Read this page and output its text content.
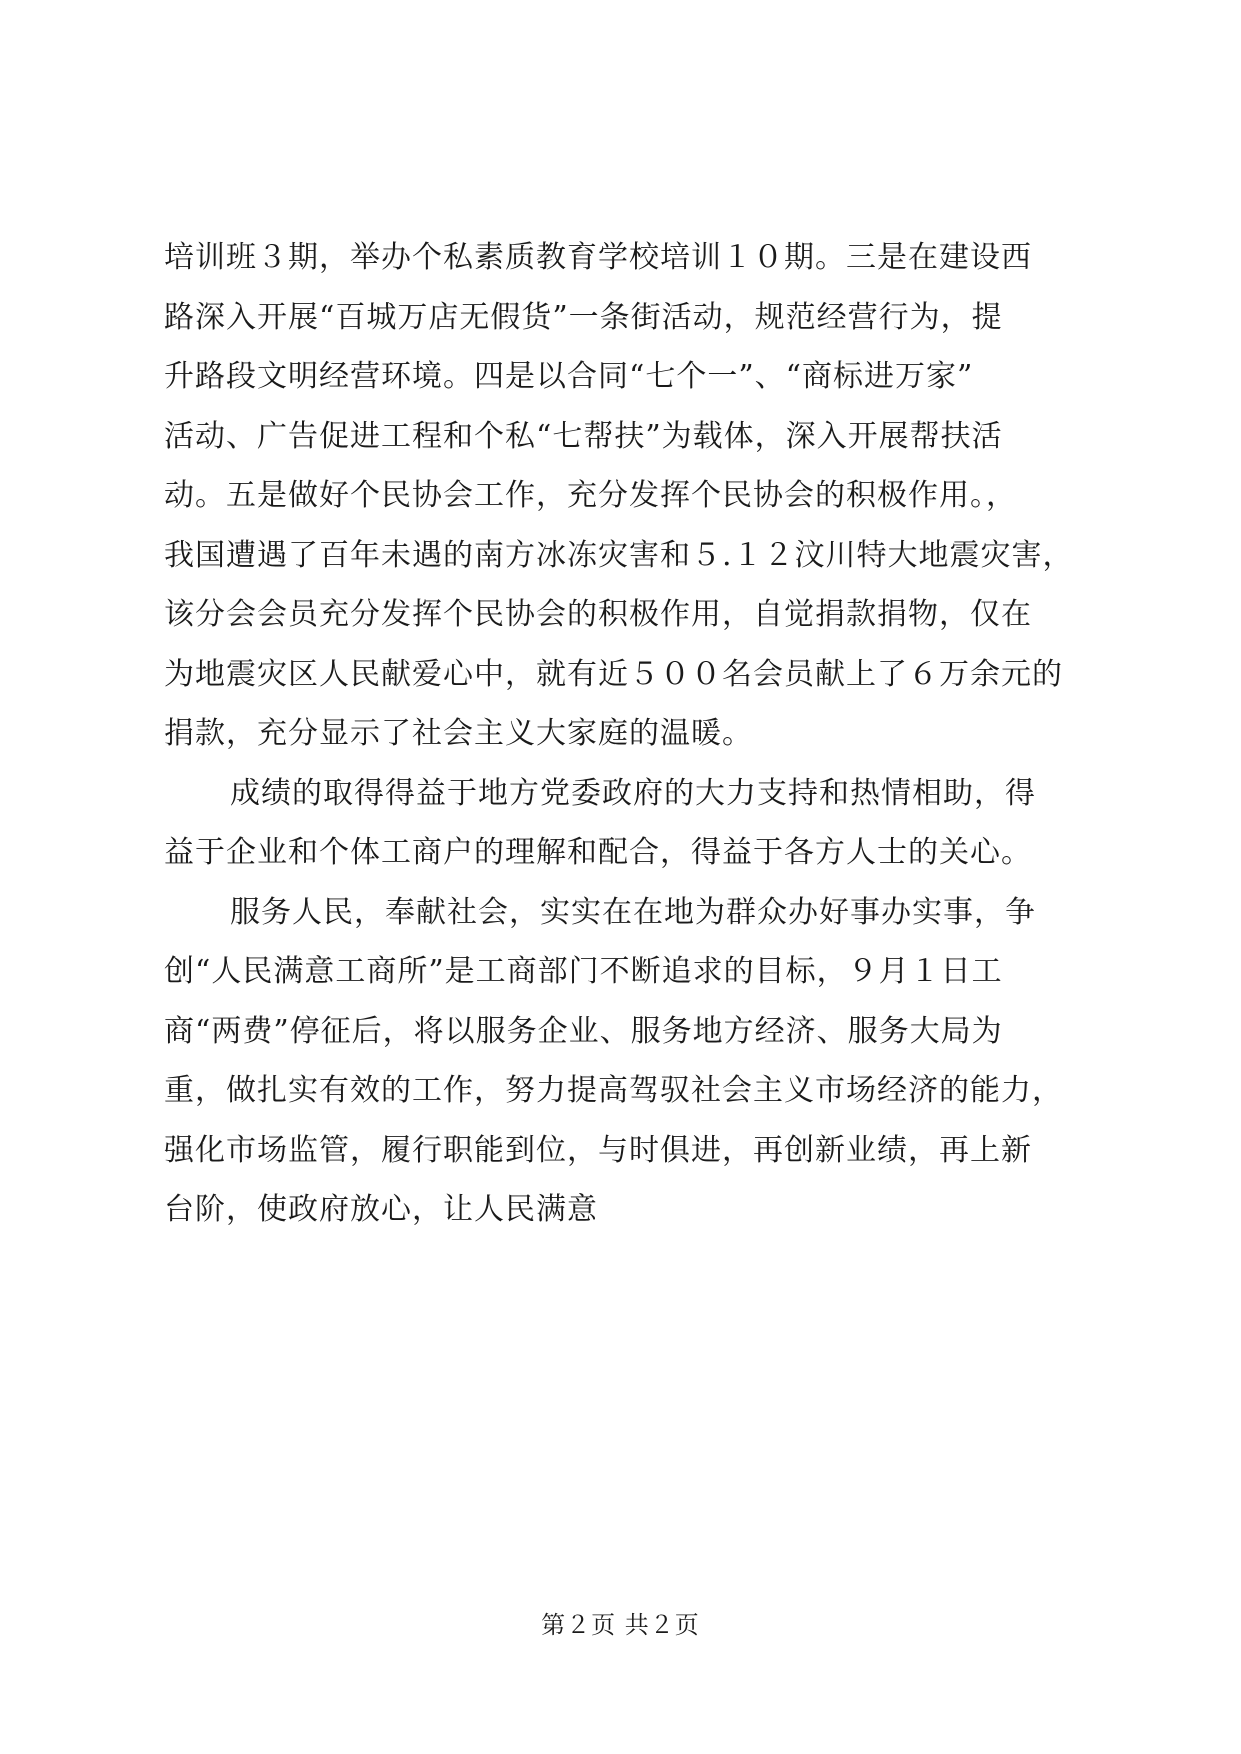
培训班３期，举办个私素质教育学校培训１０期。三是在建设西
路深入开展“百城万店无假货”一条街活动，规范经营行为，提
升路段文明经营环境。四是以合同“七个一”、“商标进万家”
活动、广告促进工程和个私“七帮扶”为载体，深入开展帮扶活
动。五是做好个民协会工作，充分发挥个民协会的积极作用。，
我国遭遇了百年未遇的南方冰冻灾害和５.１２汶川特大地震灾害，
该分会会员充分发挥个民协会的积极作用，自觉捐款捐物，仅在
为地震灾区人民献爱心中，就有近５００名会员献上了６万余元的
捐款，充分显示了社会主义大家庭的温暖。
成绩的取得得益于地方党委政府的大力支持和热情相助，得
益于企业和个体工商户的理解和配合，得益于各方人士的关心。
服务人民，奉献社会，实实在在地为群众办好事办实事，争
创“人民满意工商所”是工商部门不断追求的目标，９月１日工
商“两费”停征后，将以服务企业、服务地方经济、服务大局为
重，做扎实有效的工作，努力提高驾驭社会主义市场经济的能力，
强化市场监管，履行职能到位，与时俱进，再创新业绩，再上新
台阶，使政府放心，让人民满意
第２页 共２页
